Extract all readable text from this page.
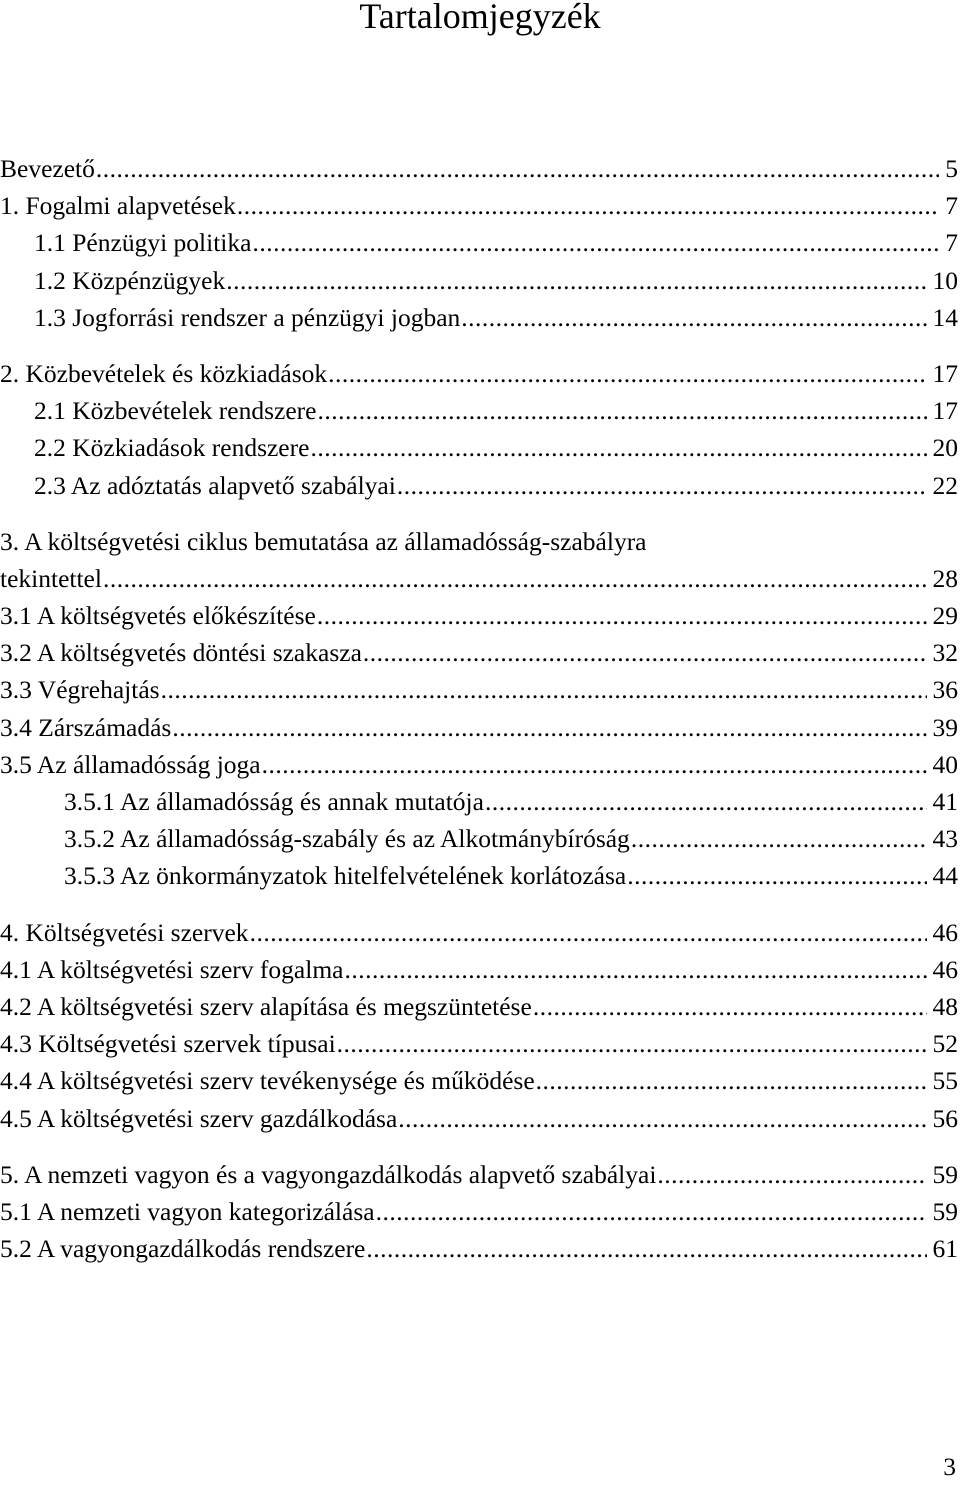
Tartalomjegyzék
Bevezető .....	5
1. Fogalmi alapvetések .....	7
1.1 Pénzügyi politika .....	7
1.2 Közpénzügyek .....	10
1.3 Jogforrási rendszer a pénzügyi jogban .....	14
2. Közbevételek és közkiadások .....	17
2.1 Közbevételek rendszere .....	17
2.2 Közkiadások rendszere .....	20
2.3 Az adóztatás alapvető szabályai .....	22
3. A költségvetési ciklus bemutatása az államadósság-szabályra
tekintettel .....	28
3.1 A költségvetés előkészítése .....	29
3.2 A költségvetés döntési szakasza .....	32
3.3 Végrehajtás .....	36
3.4 Zárszámadás .....	39
3.5 Az államadósság joga .....	40
3.5.1 Az államadósság és annak mutatója .....	41
3.5.2 Az államadósság-szabály és az Alkotmánybíróság .....	43
3.5.3 Az önkormányzatok hitelfelvételének korlátozása .....	44
4. Költségvetési szervek .....	46
4.1 A költségvetési szerv fogalma .....	46
4.2 A költségvetési szerv alapítása és megszüntetése .....	48
4.3 Költségvetési szervek típusai .....	52
4.4 A költségvetési szerv tevékenysége és működése .....	55
4.5 A költségvetési szerv gazdálkodása .....	56
5. A nemzeti vagyon és a vagyongazdálkodás alapvető szabályai .....	59
5.1 A nemzeti vagyon kategorizálása .....	59
5.2 A vagyongazdálkodás rendszere .....	61
3
